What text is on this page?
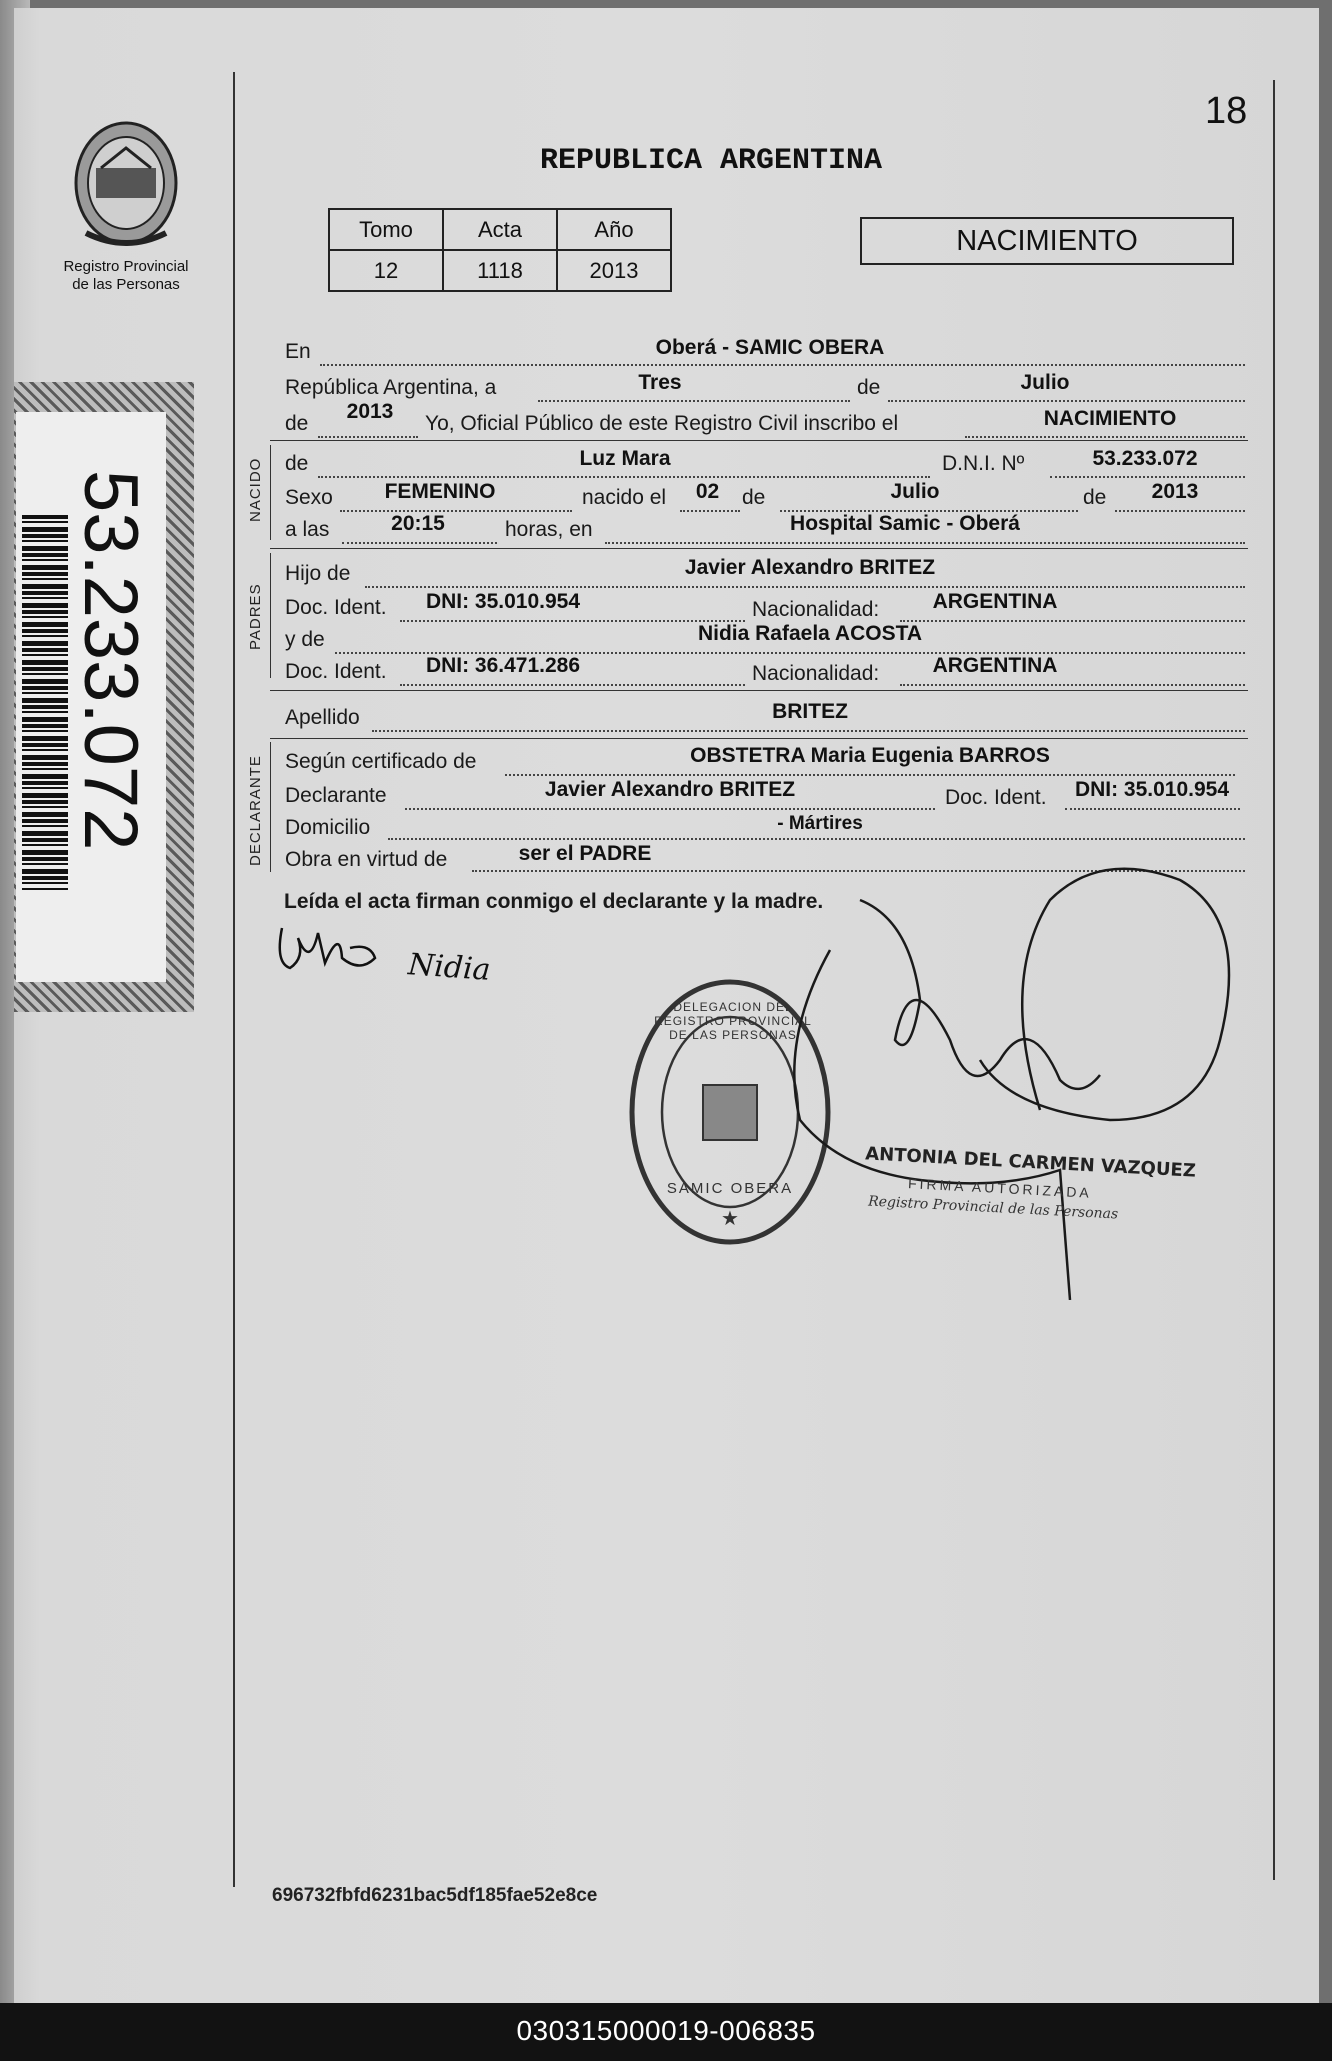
18
Registro Provincial de las Personas
53.233.072
REPUBLICA ARGENTINA
Tomo	Acta	Año
12	1118	2013
NACIMIENTO
En	Oberá - SAMIC OBERA
República Argentina, a	Tres	de	Julio
de
2013
Yo, Oficial Público de este Registro Civil inscribo el	NACIMIENTO
NACIDO de	Luz Mara	D.N.I. Nº	53.233.072
Sexo	FEMENINO	nacido el	02	de	Julio	de	2013
a las	20:15	horas, en	Hospital Samic - Oberá
PADRES
Hijo de	Javier Alexandro BRITEZ
Doc. Ident.	DNI: 35.010.954	Nacionalidad:	ARGENTINA
y de	Nidia Rafaela ACOSTA
Doc. Ident.	DNI: 36.471.286	Nacionalidad:	ARGENTINA
Apellido	BRITEZ
DECLARANTE Según certificado de	OBSTETRA Maria Eugenia BARROS
Declarante	Javier Alexandro BRITEZ	Doc. Ident.	DNI: 35.010.954
Domicilio	- Mártires
Obra en virtud de	ser el PADRE
Leída el acta firman conmigo el declarante y la madre.
Nidia
★
DELEGACION DEL REGISTRO PROVINCIAL DE LAS PERSONAS
SAMIC OBERA
ANTONIA DEL CARMEN VAZQUEZ
FIRMA AUTORIZADA
Registro Provincial de las Personas
696732fbfd6231bac5df185fae52e8ce
030315000019-006835
